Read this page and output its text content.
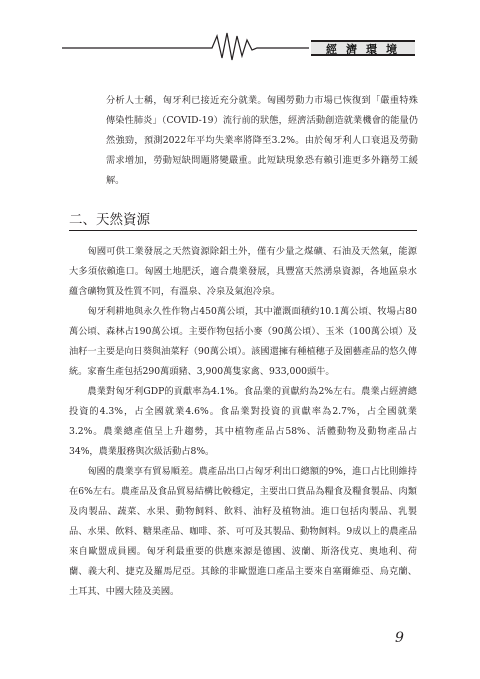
經濟環境

分析人士稱，匈牙利已接近充分就業。匈國勞動力市場已恢復到「嚴重特殊傳染性肺炎」（COVID-19）流行前的狀態，經濟活動創造就業機會的能量仍然強勁，預測2022年平均失業率將降至3.2%。由於匈牙利人口衰退及勞動需求增加，勞動短缺問題將變嚴重。此短缺現象恐有賴引進更多外籍勞工緩解。

二、天然資源

匈國可供工業發展之天然資源除鋁土外，僅有少量之煤礦、石油及天然氣，能源大多須依賴進口。匈國土地肥沃，適合農業發展，具豐富天然湧泉資源，各地區泉水蘊含礦物質及性質不同，有溫泉、冷泉及氣泡冷泉。

匈牙利耕地與永久性作物占450萬公頃，其中灌溉面積約10.1萬公頃、牧場占80萬公頃、森林占190萬公頃。主要作物包括小麥（90萬公頃）、玉米（100萬公頃）及油籽一主要是向日葵與油菜籽（90萬公頃）。該國還擁有種植穗子及園藝產品的悠久傳統。家畜生產包括290萬頭豬、3,900萬隻家禽、933,000頭牛。

農業對匈牙利GDP的貢獻率為4.1%。食品業的貢獻約為2%左右。農業占經濟總投資的4.3%，占全國就業4.6%。食品業對投資的貢獻率為2.7%，占全國就業3.2%。農業總產值呈上升趨勢，其中植物產品占58%、活體動物及動物產品占34%，農業服務與次級活動占8%。

匈國的農業享有貿易順差。農產品出口占匈牙利出口總額的9%，進口占比則維持在6%左右。農產品及食品貿易結構比較穩定，主要出口貨品為糧食及糧食製品、肉類及肉製品、蔬菜、水果、動物飼料、飲料、油籽及植物油。進口包括肉製品、乳製品、水果、飲料、糖果產品、咖啡、茶、可可及其製品、動物飼料。9成以上的農產品來自歐盟成員國。匈牙利最重要的供應來源是德國、波蘭、斯洛伐克、奧地利、荷蘭、義大利、捷克及羅馬尼亞。其餘的非歐盟進口產品主要來自塞爾維亞、烏克蘭、土耳其、中國大陸及美國。

9
